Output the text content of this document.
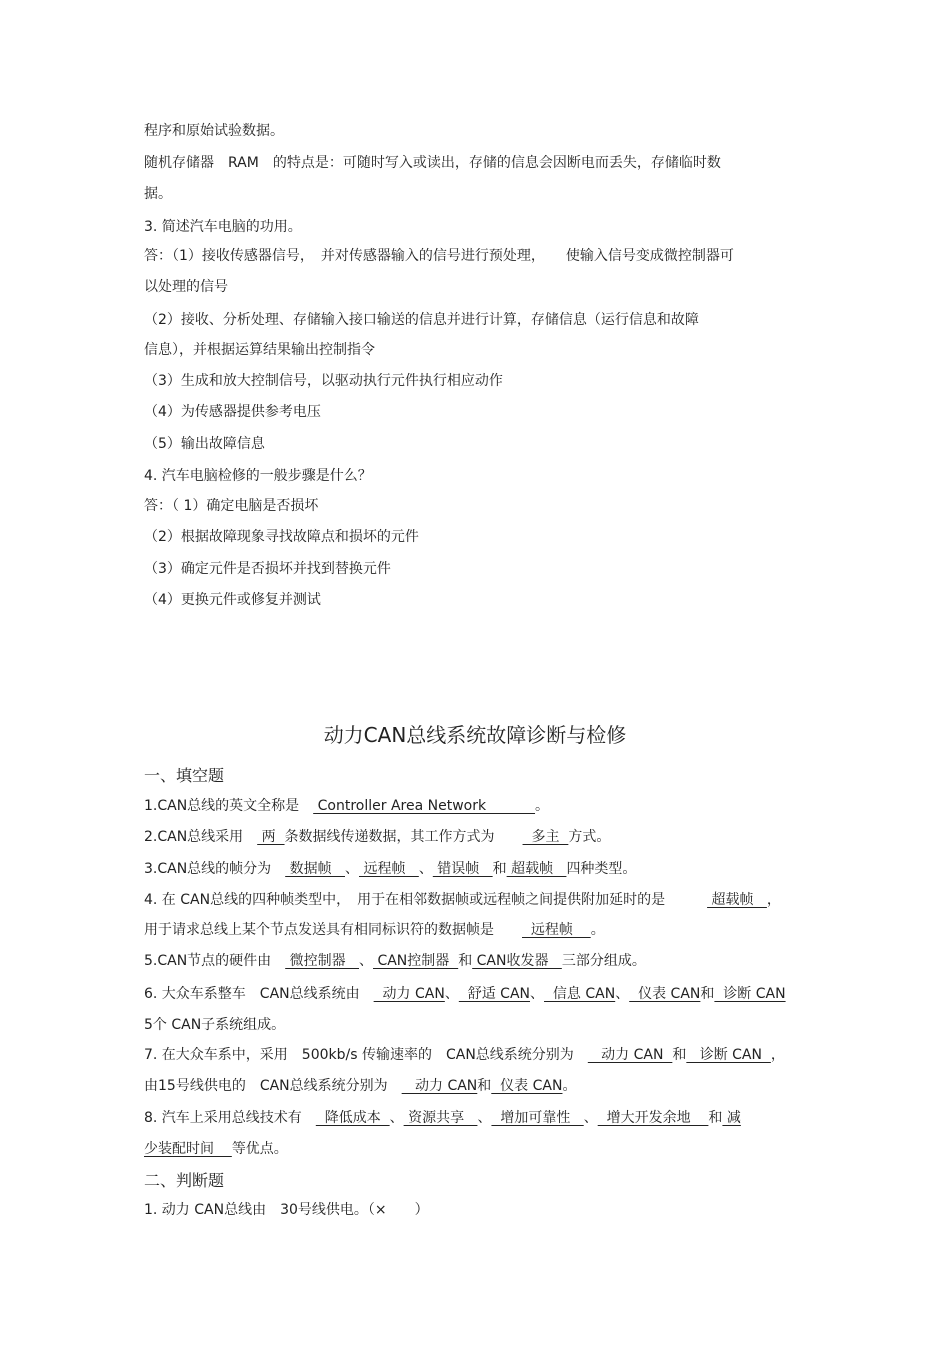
程序和原始试验数据。
随机存储器　RAM　的特点是：可随时写入或读出，存储的信息会因断电而丢失，存储临时数
据。
3. 简述汽车电脑的功用。
答：（1）接收传感器信号，　并对传感器输入的信号进行预处理，　　使输入信号变成微控制器可
以处理的信号
（2）接收、分析处理、存储输入接口输送的信息并进行计算，存储信息（运行信息和故障
信息），并根据运算结果输出控制指令
（3）生成和放大控制信号，以驱动执行元件执行相应动作
（4）为传感器提供参考电压
（5）输出故障信息
4. 汽车电脑检修的一般步骤是什么？
答：（ 1）确定电脑是否损坏
（2）根据故障现象寻找故障点和损坏的元件
（3）确定元件是否损坏并找到替换元件
（4）更换元件或修复并测试
动力CAN总线系统故障诊断与检修
一、填空题
1.CAN总线的英文全称是　 Controller Area Network           。
2.CAN总线采用　 两  条数据线传递数据，其工作方式为　　  多主  方式。
3.CAN总线的帧分为　 数据帧   、 远程帧   、 错误帧   和 超载帧   四种类型。
4. 在 CAN总线的四种帧类型中，　用于在相邻数据帧或远程帧之间提供附加延时的是　　　 超载帧   ，
用于请求总线上某个节点发送具有相同标识符的数据帧是　　  远程帧    。
5.CAN节点的硬件由　 微控制器   、 CAN控制器  和 CAN收发器   三部分组成。
6. 大众车系整车　CAN总线系统由　  动力 CAN、  舒适 CAN、  信息 CAN、  仪表 CAN和  诊断 CAN
5个 CAN子系统组成。
7. 在大众车系中，采用　500kb/s 传输速率的　CAN总线系统分别为　   动力 CAN  和   诊断 CAN  ，
由15号线供电的　CAN总线系统分别为　   动力 CAN和  仪表 CAN。
8. 汽车上采用总线技术有　  降低成本  、 资源共享   、  增加可靠性   、  增大开发余地    和 减
少装配时间    等优点。
二、判断题
1. 动力 CAN总线由　30号线供电。（×　　）
